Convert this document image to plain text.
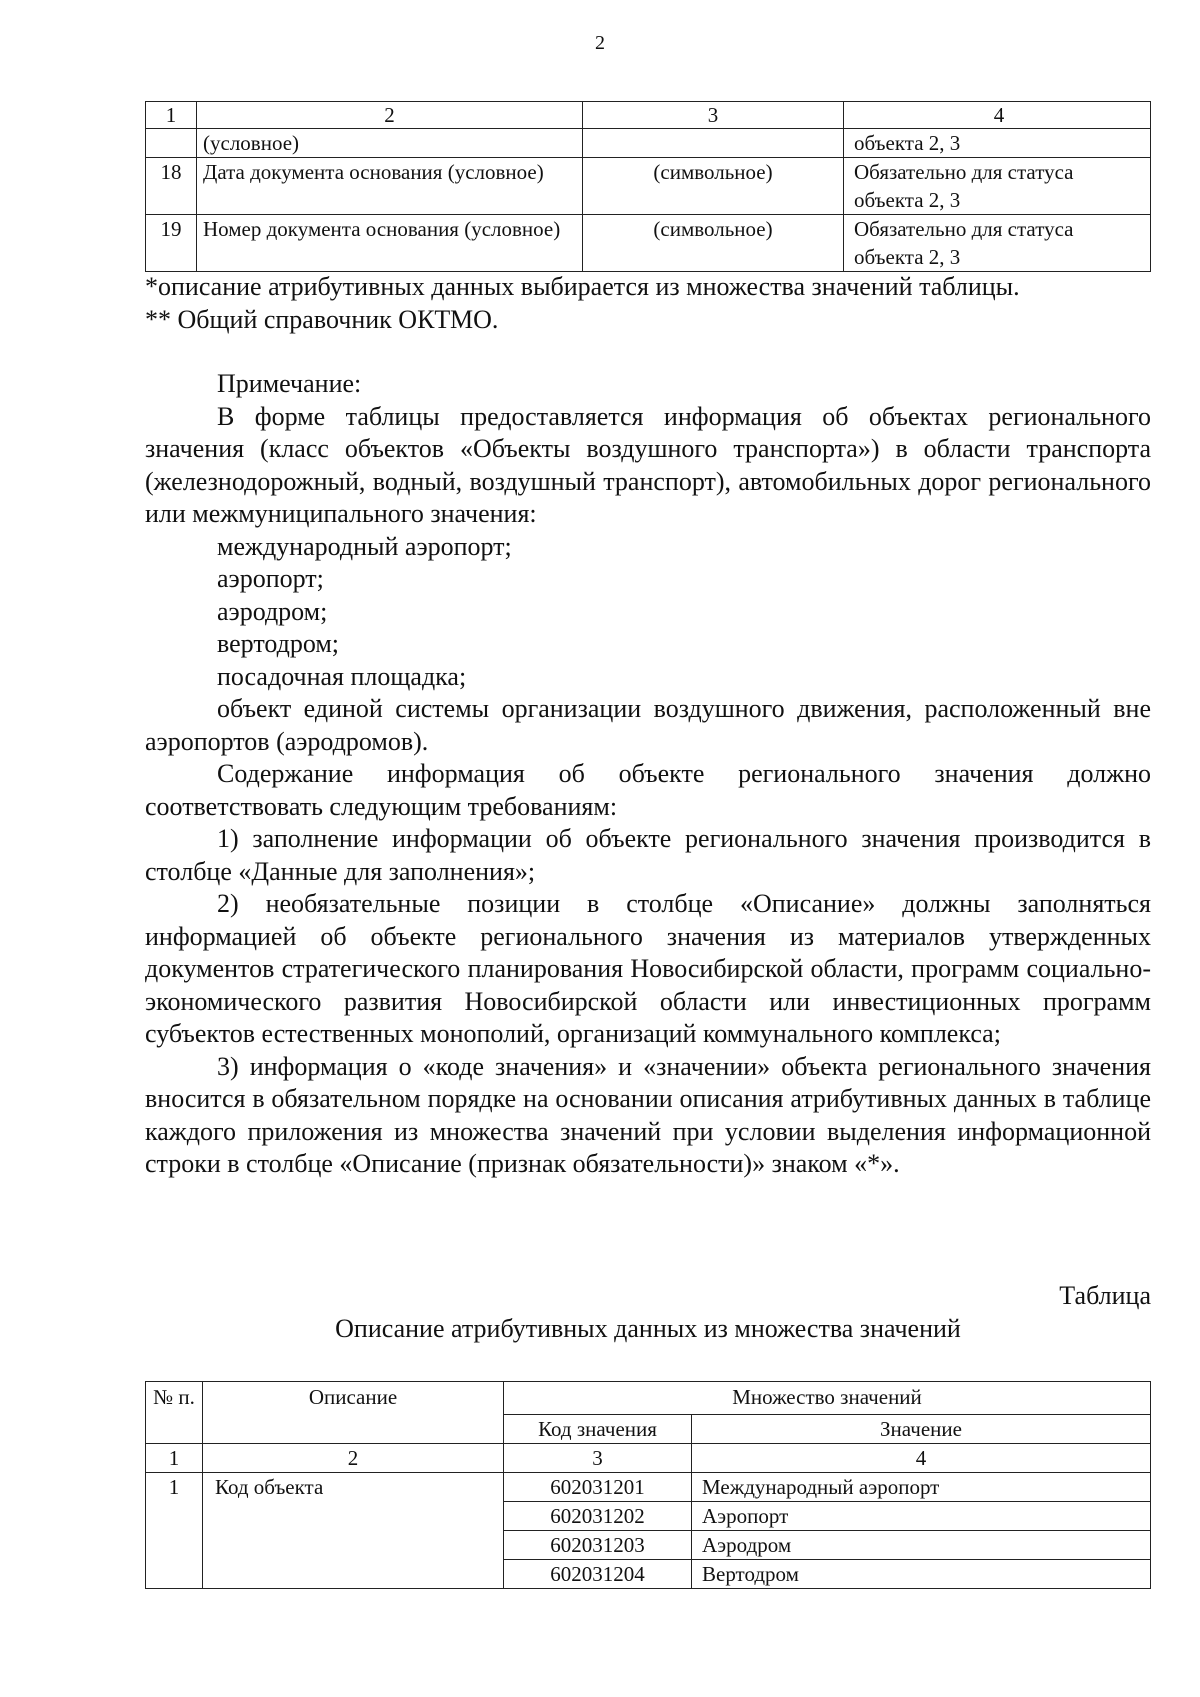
2
1	2	3	4
	(условное)		объекта 2, 3
18	Дата документа основания (условное)	(символьное)	Обязательно для статуса объекта 2, 3
19	Номер документа основания (условное)	(символьное)	Обязательно для статуса объекта 2, 3

*описание атрибутивных данных выбирается из множества значений таблицы.

** Общий справочник ОКТМО.

Примечание:

В форме таблицы предоставляется информация об объектах регионального значения (класс объектов «Объекты воздушного транспорта») в области транспорта (железнодорожный, водный, воздушный транспорт), автомобильных дорог регионального или межмуниципального значения:

международный аэропорт;

аэропорт;

аэродром;

вертодром;

посадочная площадка;

объект единой системы организации воздушного движения, расположенный вне аэропортов (аэродромов).

Содержание информация об объекте регионального значения должно соответствовать следующим требованиям:

1) заполнение информации об объекте регионального значения производится в столбце «Данные для заполнения»;

2) необязательные позиции в столбце «Описание» должны заполняться информацией об объекте регионального значения из материалов утвержденных документов стратегического планирования Новосибирской области, программ социально-экономического развития Новосибирской области или инвестиционных программ субъектов естественных монополий, организаций коммунального комплекса;

3) информация о «коде значения» и «значении» объекта регионального значения вносится в обязательном порядке на основании описания атрибутивных данных в таблице каждого приложения из множества значений при условии выделения информационной строки в столбце «Описание (признак обязательности)» знаком «*».

Таблица
Описание атрибутивных данных из множества значений
№ п.	Описание	Множество значений	
		Код значения	Значение
1	2	3	4
1	Код объекта	602031201	Международный аэропорт
		602031202	Аэропорт
		602031203	Аэродром
		602031204	Вертодром
